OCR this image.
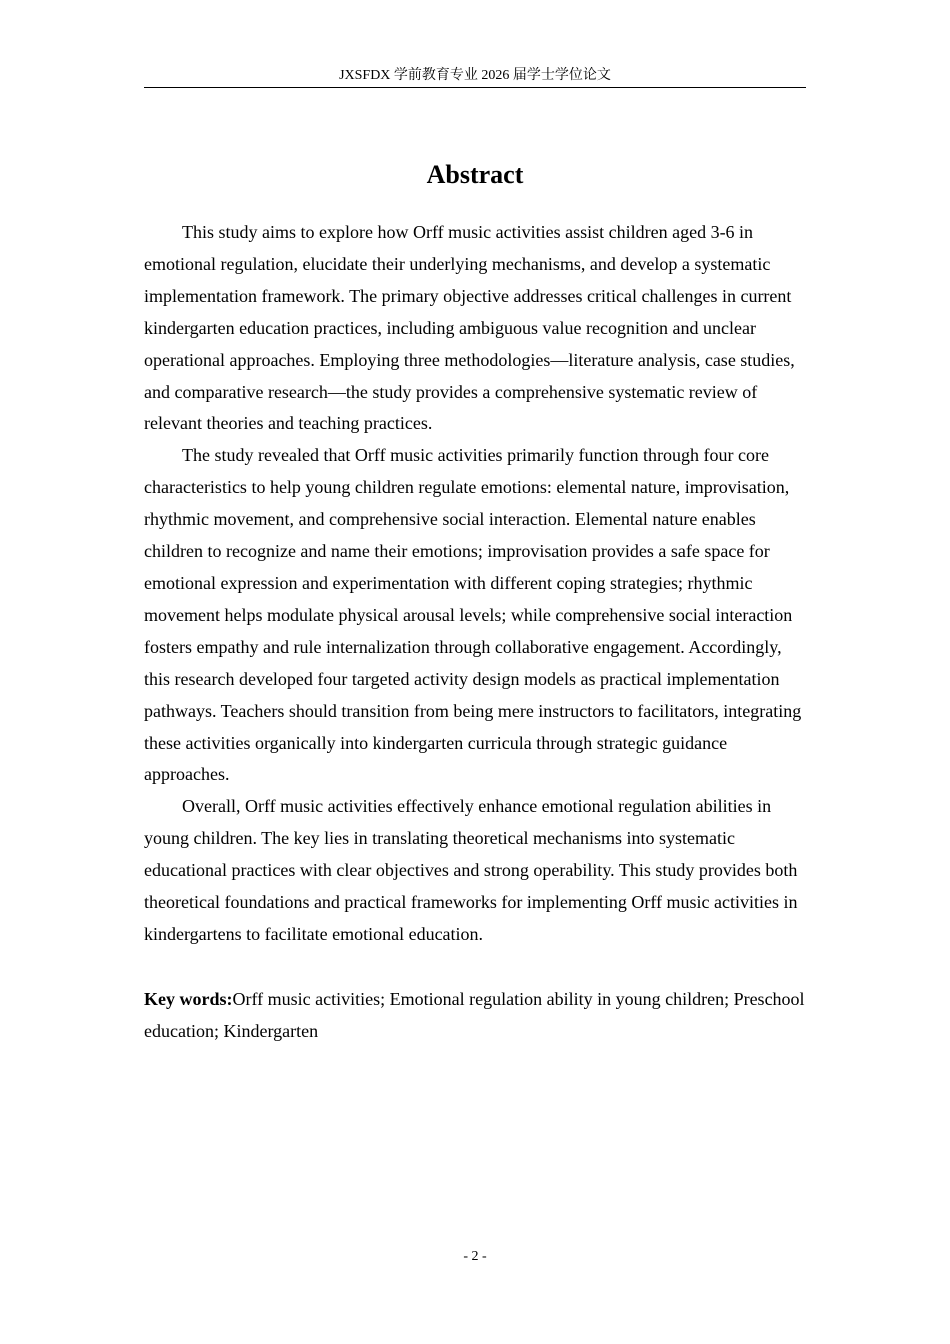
JXSFDX 学前教育专业 2026 届学士学位论文
Abstract

This study aims to explore how Orff music activities assist children aged 3-6 in emotional regulation, elucidate their underlying mechanisms, and develop a systematic implementation framework. The primary objective addresses critical challenges in current kindergarten education practices, including ambiguous value recognition and unclear operational approaches. Employing three methodologies—literature analysis, case studies, and comparative research—the study provides a comprehensive systematic review of relevant theories and teaching practices.

The study revealed that Orff music activities primarily function through four core characteristics to help young children regulate emotions: elemental nature, improvisation, rhythmic movement, and comprehensive social interaction. Elemental nature enables children to recognize and name their emotions; improvisation provides a safe space for emotional expression and experimentation with different coping strategies; rhythmic movement helps modulate physical arousal levels; while comprehensive social interaction fosters empathy and rule internalization through collaborative engagement. Accordingly, this research developed four targeted activity design models as practical implementation pathways. Teachers should transition from being mere instructors to facilitators, integrating these activities organically into kindergarten curricula through strategic guidance approaches.

Overall, Orff music activities effectively enhance emotional regulation abilities in young children. The key lies in translating theoretical mechanisms into systematic educational practices with clear objectives and strong operability. This study provides both theoretical foundations and practical frameworks for implementing Orff music activities in kindergartens to facilitate emotional education.

Key words:Orff music activities; Emotional regulation ability in young children; Preschool education; Kindergarten

- 2 -
